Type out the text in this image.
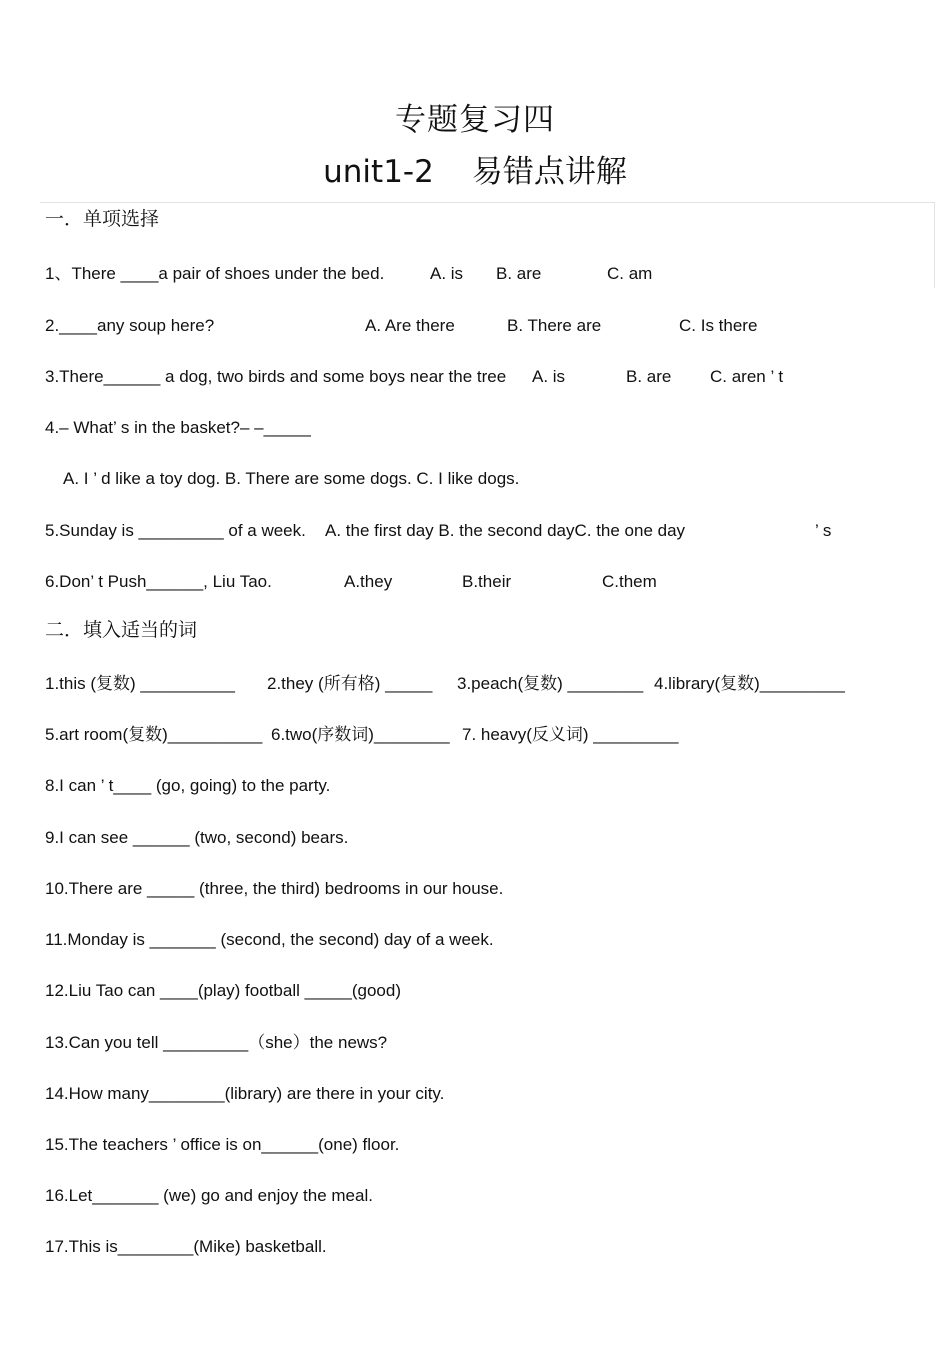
专题复习四
unit1-2 易错点讲解
一．单项选择
1、There ____a pair of shoes under the bed.	A. is B. are	C. am
2.____any soup here?	A. Are there	B. There are	C. Is there
3.There______ a dog, two birds and some boys near the tree A. is	B. are C. aren ’ t
4.– What’ s in the basket?– –_____
A. I ’ d like a toy dog. B. There are some dogs. C. I like dogs.
5.Sunday is _________ of a week. A. the first day B. the second dayC. the one day	’ s
6.Don’ t Push______, Liu Tao.	A.they	B.their	C.them
二．填入适当的词
1.this (复数) __________ 2.they (所有格) _____ 3.peach(复数) ________ 4.library(复数)_________
5.art room(复数)__________ 6.two(序数词)________ 7. heavy(反义词) _________
8.I can ’ t____ (go, going) to the party.
9.I can see ______ (two, second) bears.
10.There are _____ (three, the third) bedrooms in our house.
11.Monday is _______ (second, the second) day of a week.
12.Liu Tao can ____(play) football _____(good)
13.Can you tell _________（she）the news?
14.How many________(library) are there in your city.
15.The teachers ’ office is on______(one) floor.
16.Let_______ (we) go and enjoy the meal.
17.This is________(Mike) basketball.
